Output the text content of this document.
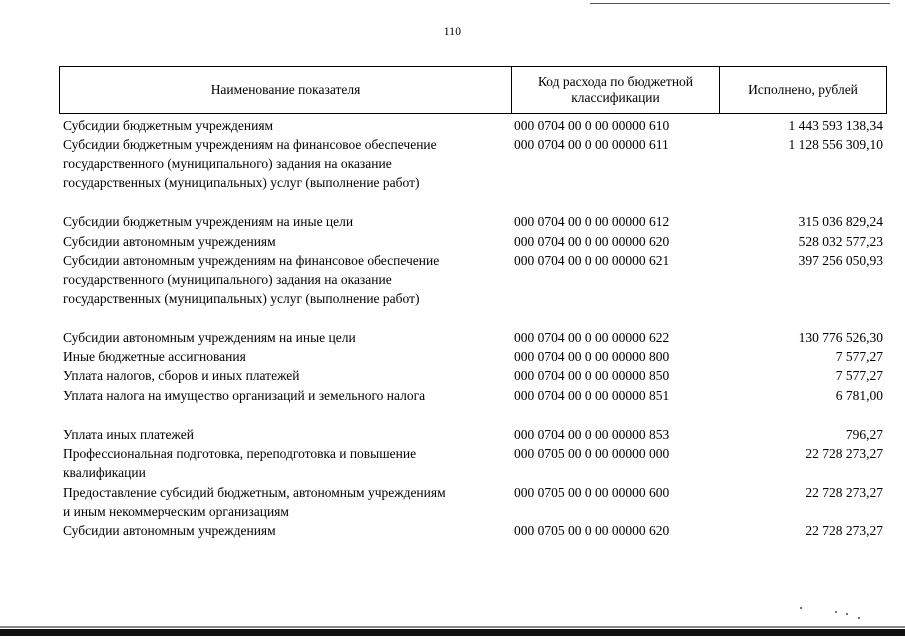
110
Наименование показателя
Код расхода по бюджетной классификации
Исполнено, рублей
Субсидии бюджетным учреждениям	000 0704 00 0 00 00000 610	1 443 593 138,34
Субсидии бюджетным учреждениям на финансовое обеспечение
государственного (муниципального) задания на оказание
государственных (муниципальных) услуг (выполнение работ)
000 0704 00 0 00 00000 611	1 128 556 309,10
Субсидии бюджетным учреждениям на иные цели	000 0704 00 0 00 00000 612	315 036 829,24
Субсидии автономным учреждениям	000 0704 00 0 00 00000 620	528 032 577,23
Субсидии автономным учреждениям на финансовое обеспечение
государственного (муниципального) задания на оказание
государственных (муниципальных) услуг (выполнение работ)
000 0704 00 0 00 00000 621	397 256 050,93
Субсидии автономным учреждениям на иные цели	000 0704 00 0 00 00000 622	130 776 526,30
Иные бюджетные ассигнования	000 0704 00 0 00 00000 800	7 577,27
Уплата налогов, сборов и иных платежей	000 0704 00 0 00 00000 850	7 577,27
Уплата налога на имущество организаций и земельного налога	000 0704 00 0 00 00000 851	6 781,00
Уплата иных платежей	000 0704 00 0 00 00000 853	796,27
Профессиональная подготовка, переподготовка и повышение
квалификации
000 0705 00 0 00 00000 000	22 728 273,27
Предоставление субсидий бюджетным, автономным учреждениям
и иным некоммерческим организациям
000 0705 00 0 00 00000 600	22 728 273,27
Субсидии автономным учреждениям	000 0705 00 0 00 00000 620	22 728 273,27
